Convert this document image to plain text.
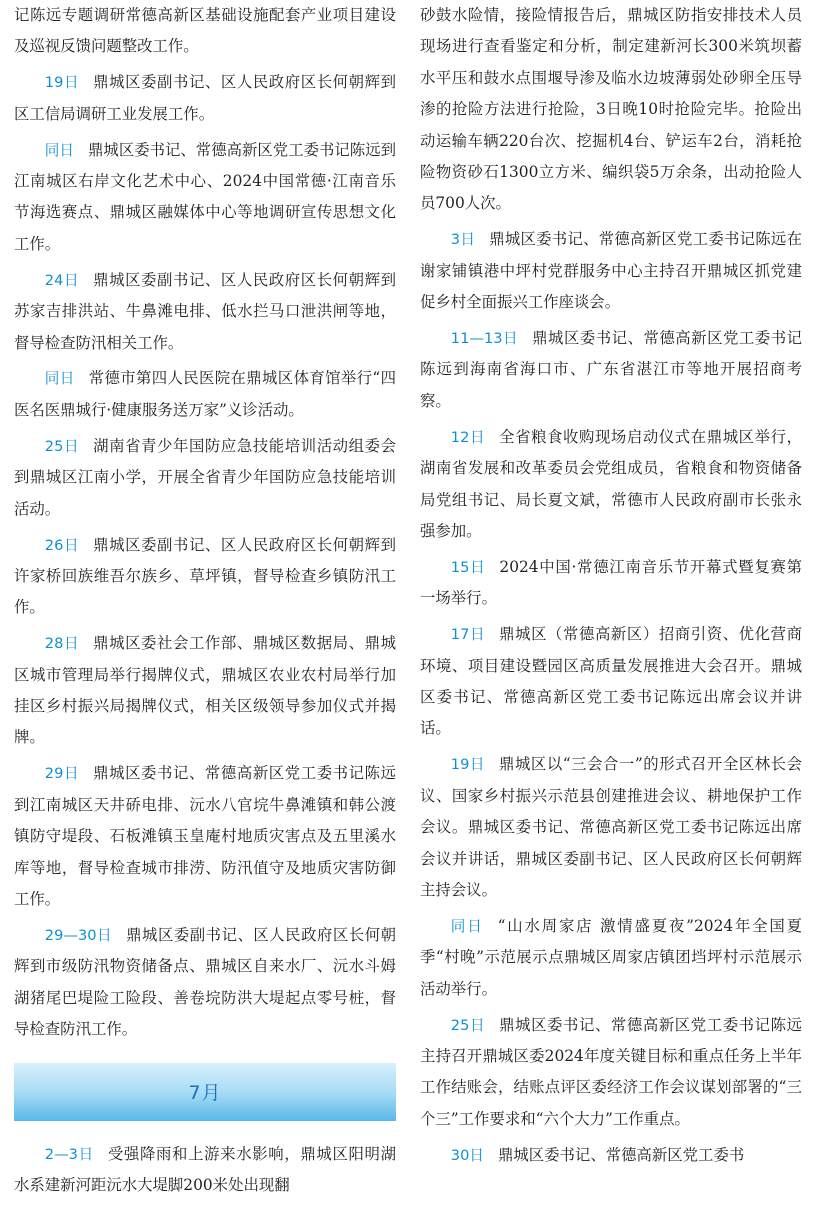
记陈远专题调研常德高新区基础设施配套产业项目建设及巡视反馈问题整改工作。

19日 鼎城区委副书记、区人民政府区长何朝辉到区工信局调研工业发展工作。

同日 鼎城区委书记、常德高新区党工委书记陈远到江南城区右岸文化艺术中心、2024中国常德·江南音乐节海选赛点、鼎城区融媒体中心等地调研宣传思想文化工作。

24日 鼎城区委副书记、区人民政府区长何朝辉到苏家吉排洪站、牛鼻滩电排、低水拦马口泄洪闸等地，督导检查防汛相关工作。

同日 常德市第四人民医院在鼎城区体育馆举行“四医名医鼎城行·健康服务送万家”义诊活动。

25日 湖南省青少年国防应急技能培训活动组委会到鼎城区江南小学，开展全省青少年国防应急技能培训活动。

26日 鼎城区委副书记、区人民政府区长何朝辉到许家桥回族维吾尔族乡、草坪镇，督导检查乡镇防汛工作。

28日 鼎城区委社会工作部、鼎城区数据局、鼎城区城市管理局举行揭牌仪式，鼎城区农业农村局举行加挂区乡村振兴局揭牌仪式，相关区级领导参加仪式并揭牌。

29日 鼎城区委书记、常德高新区党工委书记陈远到江南城区天井硚电排、沅水八官垸牛鼻滩镇和韩公渡镇防守堤段、石板滩镇玉皇庵村地质灾害点及五里溪水库等地，督导检查城市排涝、防汛值守及地质灾害防御工作。

29—30日 鼎城区委副书记、区人民政府区长何朝辉到市级防汛物资储备点、鼎城区自来水厂、沅水斗姆湖猪尾巴堤险工险段、善卷垸防洪大堤起点零号桩，督导检查防汛工作。

7月

2—3日 受强降雨和上游来水影响，鼎城区阳明湖水系建新河距沅水大堤脚200米处出现翻

砂鼓水险情，接险情报告后，鼎城区防指安排技术人员现场进行查看鉴定和分析，制定建新河长300米筑坝蓄水平压和鼓水点围堰导渗及临水边坡薄弱处砂卵全压导渗的抢险方法进行抢险，3日晚10时抢险完毕。抢险出动运输车辆220台次、挖掘机4台、铲运车2台，消耗抢险物资砂石1300立方米、编织袋5万余条，出动抢险人员700人次。

3日 鼎城区委书记、常德高新区党工委书记陈远在谢家铺镇港中坪村党群服务中心主持召开鼎城区抓党建促乡村全面振兴工作座谈会。

11—13日 鼎城区委书记、常德高新区党工委书记陈远到海南省海口市、广东省湛江市等地开展招商考察。

12日 全省粮食收购现场启动仪式在鼎城区举行，湖南省发展和改革委员会党组成员，省粮食和物资储备局党组书记、局长夏文斌，常德市人民政府副市长张永强参加。

15日 2024中国·常德江南音乐节开幕式暨复赛第一场举行。

17日 鼎城区（常德高新区）招商引资、优化营商环境、项目建设暨园区高质量发展推进大会召开。鼎城区委书记、常德高新区党工委书记陈远出席会议并讲话。

19日 鼎城区以“三会合一”的形式召开全区林长会议、国家乡村振兴示范县创建推进会议、耕地保护工作会议。鼎城区委书记、常德高新区党工委书记陈远出席会议并讲话，鼎城区委副书记、区人民政府区长何朝辉主持会议。

同日 “山水周家店 激情盛夏夜”2024年全国夏季“村晚”示范展示点鼎城区周家店镇团垱坪村示范展示活动举行。

25日 鼎城区委书记、常德高新区党工委书记陈远主持召开鼎城区委2024年度关键目标和重点任务上半年工作结账会，结账点评区委经济工作会议谋划部署的“三个三”工作要求和“六个大力”工作重点。

30日 鼎城区委书记、常德高新区党工委书
